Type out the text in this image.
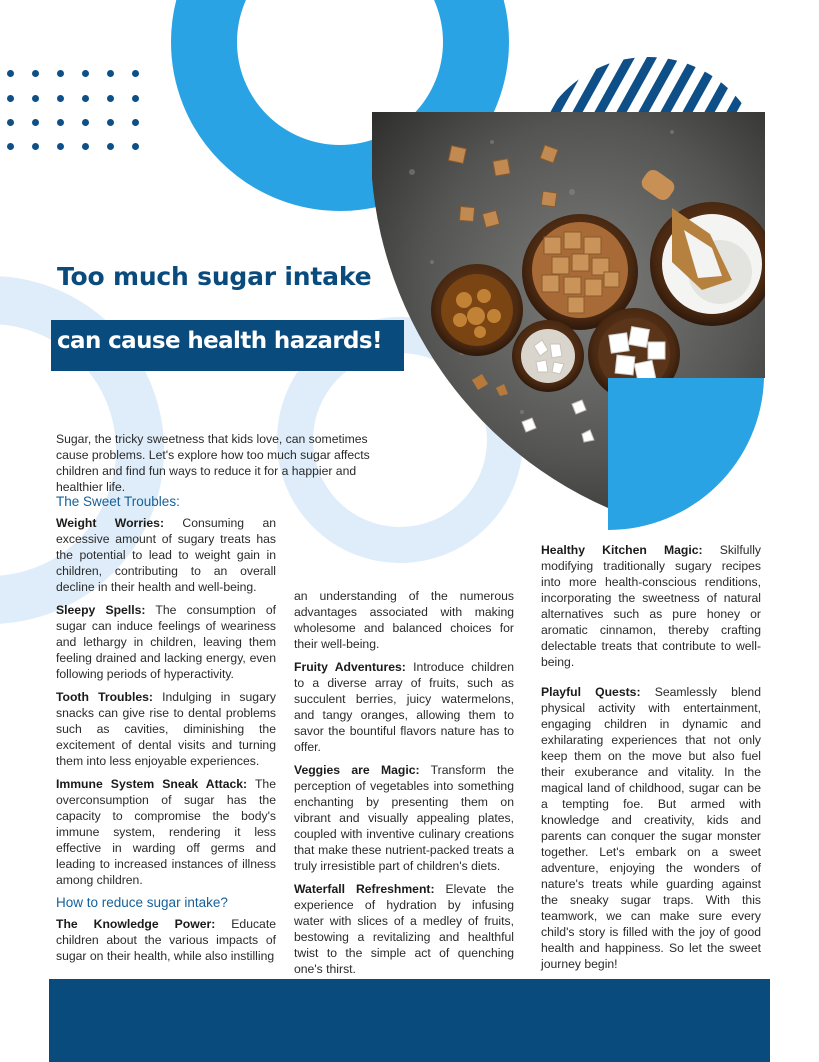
Too much sugar intake
can cause health hazards!
Sugar, the tricky sweetness that kids love, can sometimes cause problems. Let's explore how too much sugar affects children and find fun ways to reduce it for a happier and healthier life.
The Sweet Troubles:

Weight Worries: Consuming an excessive amount of sugary treats has the potential to lead to weight gain in children, contributing to an overall decline in their health and well-being.

Sleepy Spells: The consumption of sugar can induce feelings of weariness and lethargy in children, leaving them feeling drained and lacking energy, even following periods of hyperactivity.

Tooth Troubles: Indulging in sugary snacks can give rise to dental problems such as cavities, diminishing the excitement of dental visits and turning them into less enjoyable experiences.

Immune System Sneak Attack: The overconsumption of sugar has the capacity to compromise the body's immune system, rendering it less effective in warding off germs and leading to increased instances of illness among children.

How to reduce sugar intake?

The Knowledge Power: Educate children about the various impacts of sugar on their health, while also instilling

an understanding of the numerous advantages associated with making wholesome and balanced choices for their well-being.

Fruity Adventures: Introduce children to a diverse array of fruits, such as succulent berries, juicy watermelons, and tangy oranges, allowing them to savor the bountiful flavors nature has to offer.

Veggies are Magic: Transform the perception of vegetables into something enchanting by presenting them on vibrant and visually appealing plates, coupled with inventive culinary creations that make these nutrient-packed treats a truly irresistible part of children's diets.

Waterfall Refreshment: Elevate the experience of hydration by infusing water with slices of a medley of fruits, bestowing a revitalizing and healthful twist to the simple act of quenching one's thirst.

Healthy Kitchen Magic: Skilfully modifying traditionally sugary recipes into more health-conscious renditions, incorporating the sweetness of natural alternatives such as pure honey or aromatic cinnamon, thereby crafting delectable treats that contribute to well-being.

Playful Quests: Seamlessly blend physical activity with entertainment, engaging children in dynamic and exhilarating experiences that not only keep them on the move but also fuel their exuberance and vitality. In the magical land of childhood, sugar can be a tempting foe. But armed with knowledge and creativity, kids and parents can conquer the sugar monster together. Let's embark on a sweet adventure, enjoying the wonders of nature's treats while guarding against the sneaky sugar traps. With this teamwork, we can make sure every child's story is filled with the joy of good health and happiness. So let the sweet journey begin!
